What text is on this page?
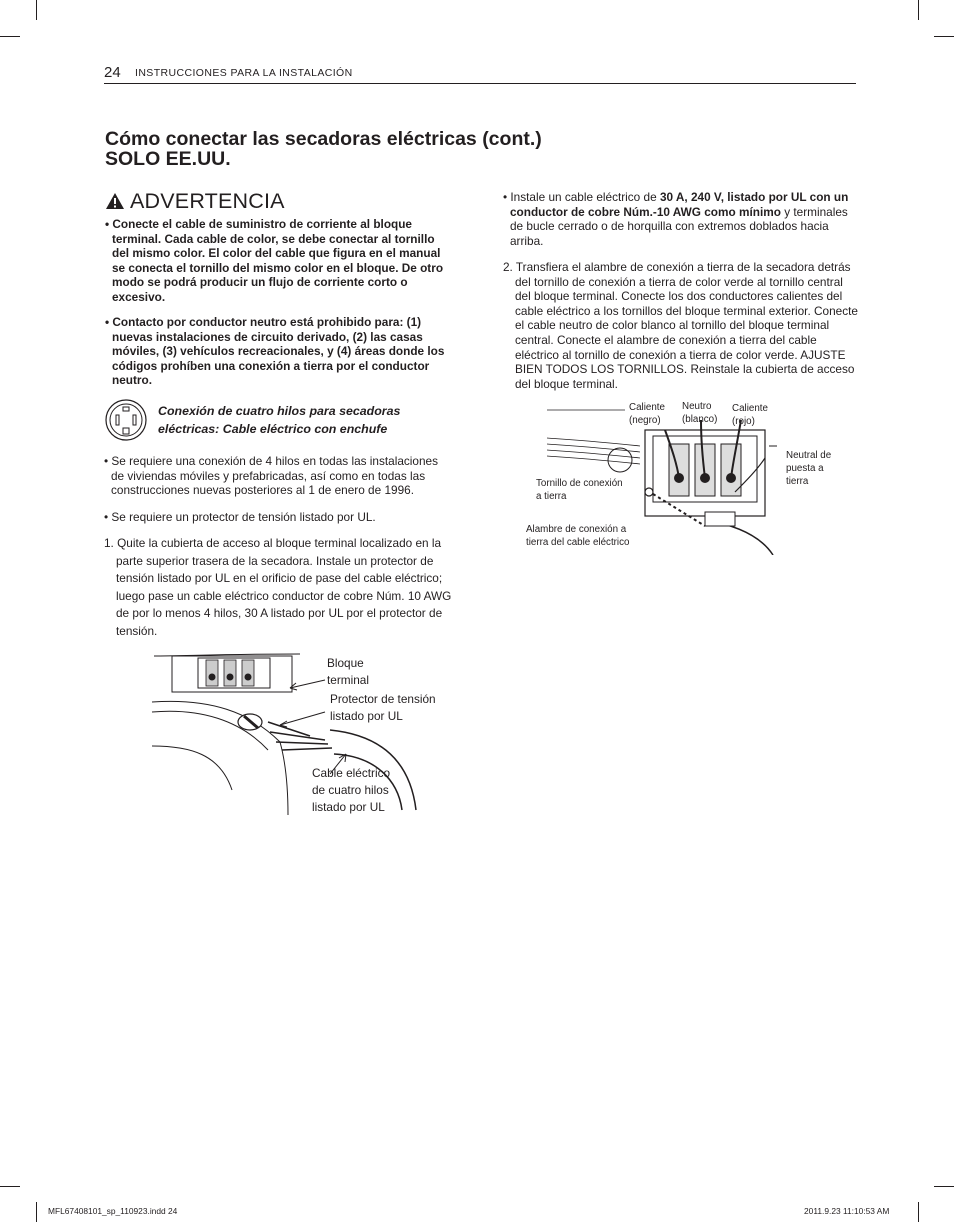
24 INSTRUCCIONES PARA LA INSTALACIÓN
Cómo conectar las secadoras eléctricas (cont.)
SOLO EE.UU.
ADVERTENCIA
• Conecte el cable de suministro de corriente al bloque terminal. Cada cable de color, se debe conectar al tornillo del mismo color. El color del cable que figura en el manual se conecta el tornillo del mismo color en el bloque. De otro modo se podrá producir un flujo de corriente corto o excesivo.
• Contacto por conductor neutro está prohibido para: (1) nuevas instalaciones de circuito derivado, (2) las casas móviles, (3) vehículos recreacionales, y (4) áreas donde los códigos prohíben una conexión a tierra por el conductor neutro.
Conexión de cuatro hilos para secadoras eléctricas: Cable eléctrico con enchufe
• Se requiere una conexión de 4 hilos en todas las instalaciones de viviendas móviles y prefabricadas, así como en todas las construcciones nuevas posteriores al 1 de enero de 1996.
• Se requiere un protector de tensión listado por UL.
1. Quite la cubierta de acceso al bloque terminal localizado en la parte superior trasera de la secadora. Instale un protector de tensión listado por UL en el orificio de pase del cable eléctrico; luego pase un cable eléctrico conductor de cobre Núm. 10 AWG de por lo menos 4 hilos, 30 A listado por UL por el protector de tensión.
Bloque
terminal
Protector de tensión
listado por UL
Cable eléctrico
de cuatro hilos
listado por UL
• Instale un cable eléctrico de 30 A, 240 V, listado por UL con un conductor de cobre Núm.-10 AWG como mínimo y terminales de bucle cerrado o de horquilla con extremos doblados hacia arriba.
2. Transfiera el alambre de conexión a tierra de la secadora detrás del tornillo de conexión a tierra de color verde al tornillo central del bloque terminal. Conecte los dos conductores calientes del cable eléctrico a los tornillos del bloque terminal exterior. Conecte el cable neutro de color blanco al tornillo del bloque terminal central. Conecte el alambre de conexión a tierra del cable eléctrico al tornillo de conexión a tierra de color verde. AJUSTE BIEN TODOS LOS TORNILLOS. Reinstale la cubierta de acceso del bloque terminal.
Caliente
(negro)
Neutro
(blanco)
Caliente
(rojo)
Neutral de
puesta a
tierra
Tornillo de conexión
a tierra
Alambre de conexión a
tierra del cable eléctrico
MFL67408101_sp_110923.indd 24	2011.9.23 11:10:53 AM
